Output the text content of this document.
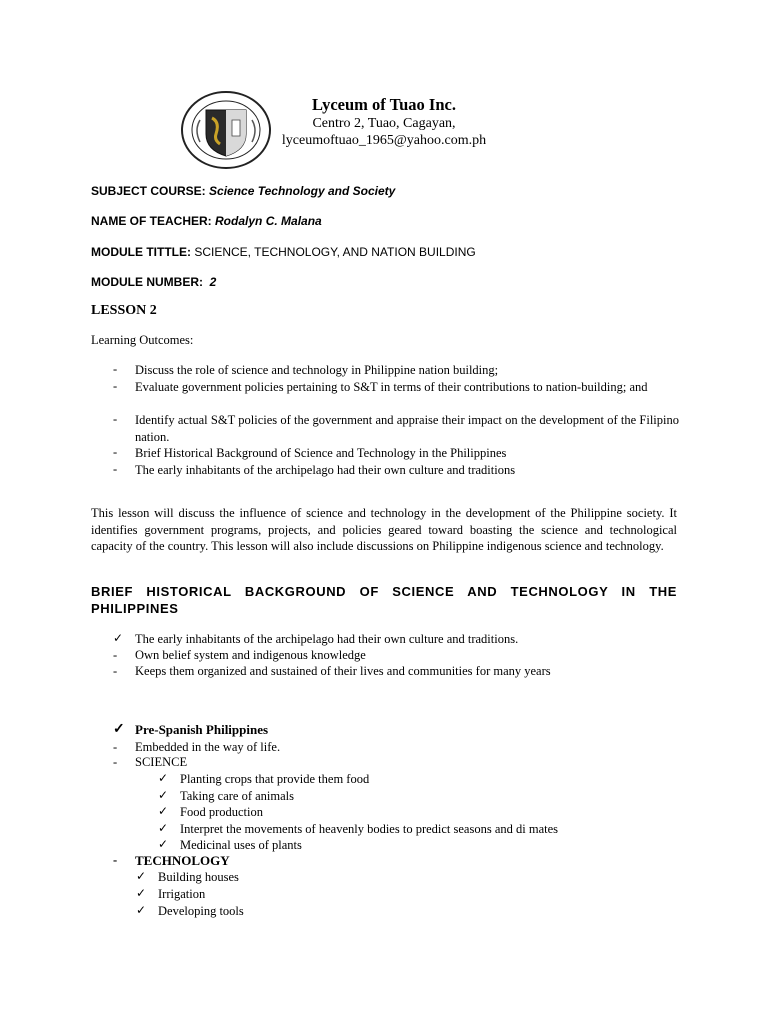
Lyceum of Tuao Inc.
Centro 2, Tuao, Cagayan,
lyceumoftuao_1965@yahoo.com.ph
SUBJECT COURSE: Science Technology and Society
NAME OF TEACHER: Rodalyn C. Malana
MODULE TITTLE: SCIENCE, TECHNOLOGY, AND NATION BUILDING
MODULE NUMBER: 2
LESSON 2
Learning Outcomes:
- Discuss the role of science and technology in Philippine nation building;
- Evaluate government policies pertaining to S&T in terms of their contributions to nation-building; and
- Identify actual S&T policies of the government and appraise their impact on the development of the Filipino nation.
- Brief Historical Background of Science and Technology in the Philippines
- The early inhabitants of the archipelago had their own culture and traditions
This lesson will discuss the influence of science and technology in the development of the Philippine society. It identifies government programs, projects, and policies geared toward boasting the science and technological capacity of the country. This lesson will also include discussions on Philippine indigenous science and technology.
BRIEF HISTORICAL BACKGROUND OF SCIENCE AND TECHNOLOGY IN THE PHILIPPINES
✓ The early inhabitants of the archipelago had their own culture and traditions.
- Own belief system and indigenous knowledge
- Keeps them organized and sustained of their lives and communities for many years
✓ Pre-Spanish Philippines
- Embedded in the way of life.
- SCIENCE
✓ Planting crops that provide them food
✓ Taking care of animals
✓ Food production
✓ Interpret the movements of heavenly bodies to predict seasons and di mates
✓ Medicinal uses of plants
- TECHNOLOGY
✓ Building houses
✓ Irrigation
✓ Developing tools
